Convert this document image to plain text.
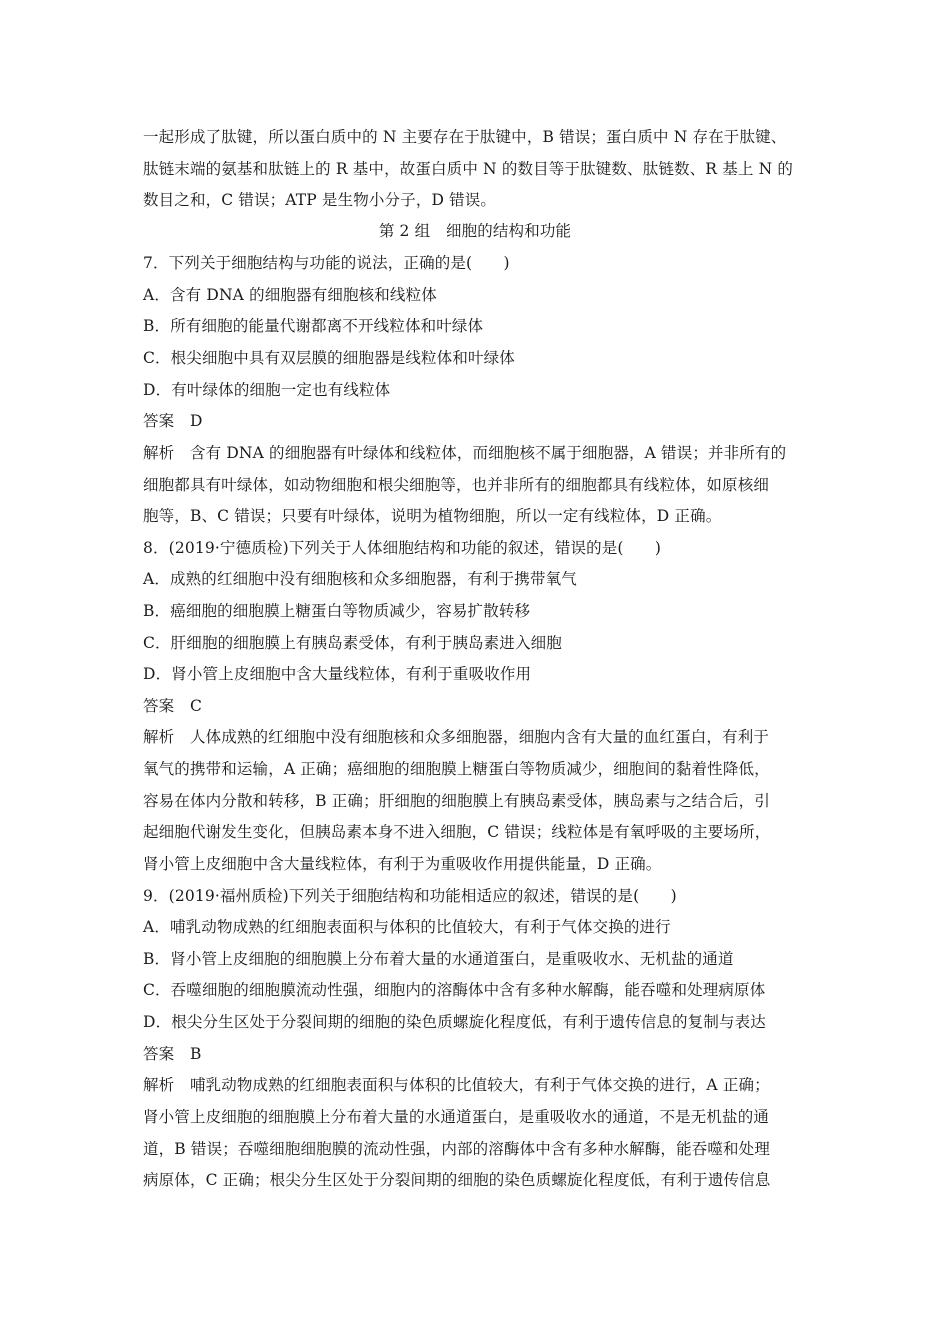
一起形成了肽键，所以蛋白质中的 N 主要存在于肽键中，B 错误；蛋白质中 N 存在于肽键、
肽链末端的氨基和肽链上的 R 基中，故蛋白质中 N 的数目等于肽键数、肽链数、R 基上 N 的
数目之和，C 错误；ATP 是生物小分子，D 错误。
第 2 组　细胞的结构和功能
7．下列关于细胞结构与功能的说法，正确的是(　　)
A．含有 DNA 的细胞器有细胞核和线粒体
B．所有细胞的能量代谢都离不开线粒体和叶绿体
C．根尖细胞中具有双层膜的细胞器是线粒体和叶绿体
D．有叶绿体的细胞一定也有线粒体
答案　D
解析　含有 DNA 的细胞器有叶绿体和线粒体，而细胞核不属于细胞器，A 错误；并非所有的
细胞都具有叶绿体，如动物细胞和根尖细胞等，也并非所有的细胞都具有线粒体，如原核细
胞等，B、C 错误；只要有叶绿体，说明为植物细胞，所以一定有线粒体，D 正确。
8．(2019·宁德质检)下列关于人体细胞结构和功能的叙述，错误的是(　　)
A．成熟的红细胞中没有细胞核和众多细胞器，有利于携带氧气
B．癌细胞的细胞膜上糖蛋白等物质减少，容易扩散转移
C．肝细胞的细胞膜上有胰岛素受体，有利于胰岛素进入细胞
D．肾小管上皮细胞中含大量线粒体，有利于重吸收作用
答案　C
解析　人体成熟的红细胞中没有细胞核和众多细胞器，细胞内含有大量的血红蛋白，有利于
氧气的携带和运输，A 正确；癌细胞的细胞膜上糖蛋白等物质减少，细胞间的黏着性降低，
容易在体内分散和转移，B 正确；肝细胞的细胞膜上有胰岛素受体，胰岛素与之结合后，引
起细胞代谢发生变化，但胰岛素本身不进入细胞，C 错误；线粒体是有氧呼吸的主要场所，
肾小管上皮细胞中含大量线粒体，有利于为重吸收作用提供能量，D 正确。
9．(2019·福州质检)下列关于细胞结构和功能相适应的叙述，错误的是(　　)
A．哺乳动物成熟的红细胞表面积与体积的比值较大，有利于气体交换的进行
B．肾小管上皮细胞的细胞膜上分布着大量的水通道蛋白，是重吸收水、无机盐的通道
C．吞噬细胞的细胞膜流动性强，细胞内的溶酶体中含有多种水解酶，能吞噬和处理病原体
D．根尖分生区处于分裂间期的细胞的染色质螺旋化程度低，有利于遗传信息的复制与表达
答案　B
解析　哺乳动物成熟的红细胞表面积与体积的比值较大，有利于气体交换的进行，A 正确；
肾小管上皮细胞的细胞膜上分布着大量的水通道蛋白，是重吸收水的通道，不是无机盐的通
道，B 错误；吞噬细胞细胞膜的流动性强，内部的溶酶体中含有多种水解酶，能吞噬和处理
病原体，C 正确；根尖分生区处于分裂间期的细胞的染色质螺旋化程度低，有利于遗传信息
